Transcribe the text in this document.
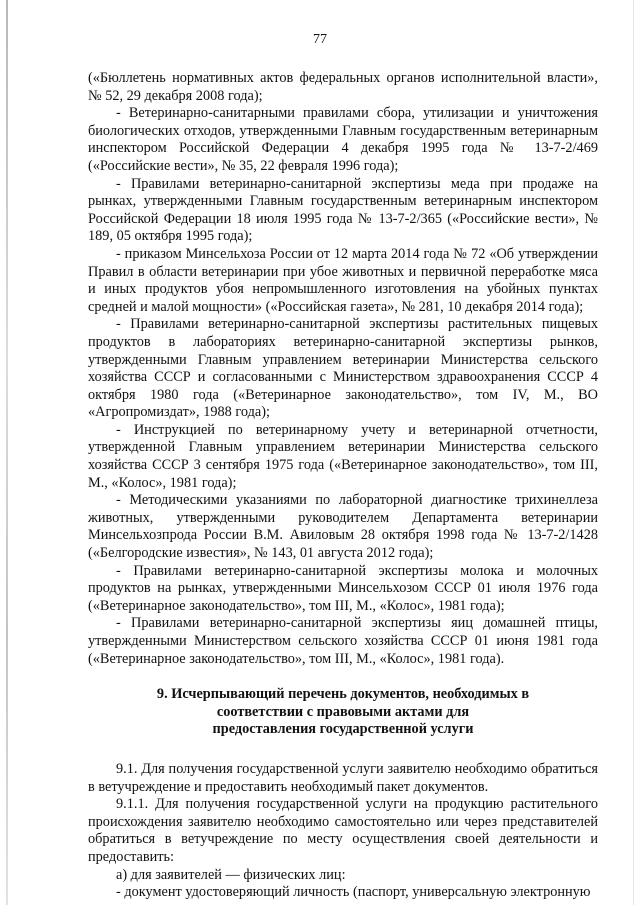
77

(«Бюллетень нормативных актов федеральных органов исполнительной власти», № 52, 29 декабря 2008 года);

- Ветеринарно-санитарными правилами сбора, утилизации и уничтожения биологических отходов, утвержденными Главным государственным ветеринарным инспектором Российской Федерации 4 декабря 1995 года № 13-7-2/469 («Российские вести», № 35, 22 февраля 1996 года);

- Правилами ветеринарно-санитарной экспертизы меда при продаже на рынках, утвержденными Главным государственным ветеринарным инспектором Российской Федерации 18 июля 1995 года № 13-7-2/365 («Российские вести», № 189, 05 октября 1995 года);

- приказом Минсельхоза России от 12 марта 2014 года № 72 «Об утверждении Правил в области ветеринарии при убое животных и первичной переработке мяса и иных продуктов убоя непромышленного изготовления на убойных пунктах средней и малой мощности» («Российская газета», № 281, 10 декабря 2014 года);

- Правилами ветеринарно-санитарной экспертизы растительных пищевых продуктов в лабораториях ветеринарно-санитарной экспертизы рынков, утвержденными Главным управлением ветеринарии Министерства сельского хозяйства СССР и согласованными с Министерством здравоохранения СССР 4 октября 1980 года («Ветеринарное законодательство», том IV, М., ВО «Агропромиздат», 1988 года);

- Инструкцией по ветеринарному учету и ветеринарной отчетности, утвержденной Главным управлением ветеринарии Министерства сельского хозяйства СССР 3 сентября 1975 года («Ветеринарное законодательство», том III, М., «Колос», 1981 года);

- Методическими указаниями по лабораторной диагностике трихинеллеза животных, утвержденными руководителем Департамента ветеринарии Минсельхозпрода России В.М. Авиловым 28 октября 1998 года № 13-7-2/1428 («Белгородские известия», № 143, 01 августа 2012 года);

- Правилами ветеринарно-санитарной экспертизы молока и молочных продуктов на рынках, утвержденными Минсельхозом СССР 01 июля 1976 года («Ветеринарное законодательство», том III, М., «Колос», 1981 года);

- Правилами ветеринарно-санитарной экспертизы яиц домашней птицы, утвержденными Министерством сельского хозяйства СССР 01 июня 1981 года («Ветеринарное законодательство», том III, М., «Колос», 1981 года).

9. Исчерпывающий перечень документов, необходимых в
соответствии с правовыми актами для
предоставления государственной услуги

9.1. Для получения государственной услуги заявителю необходимо обратиться в ветучреждение и предоставить необходимый пакет документов.

9.1.1. Для получения государственной услуги на продукцию растительного происхождения заявителю необходимо самостоятельно или через представителей обратиться в ветучреждение по месту осуществления своей деятельности и предоставить:

а) для заявителей — физических лиц:

- документ удостоверяющий личность (паспорт, универсальную электронную
